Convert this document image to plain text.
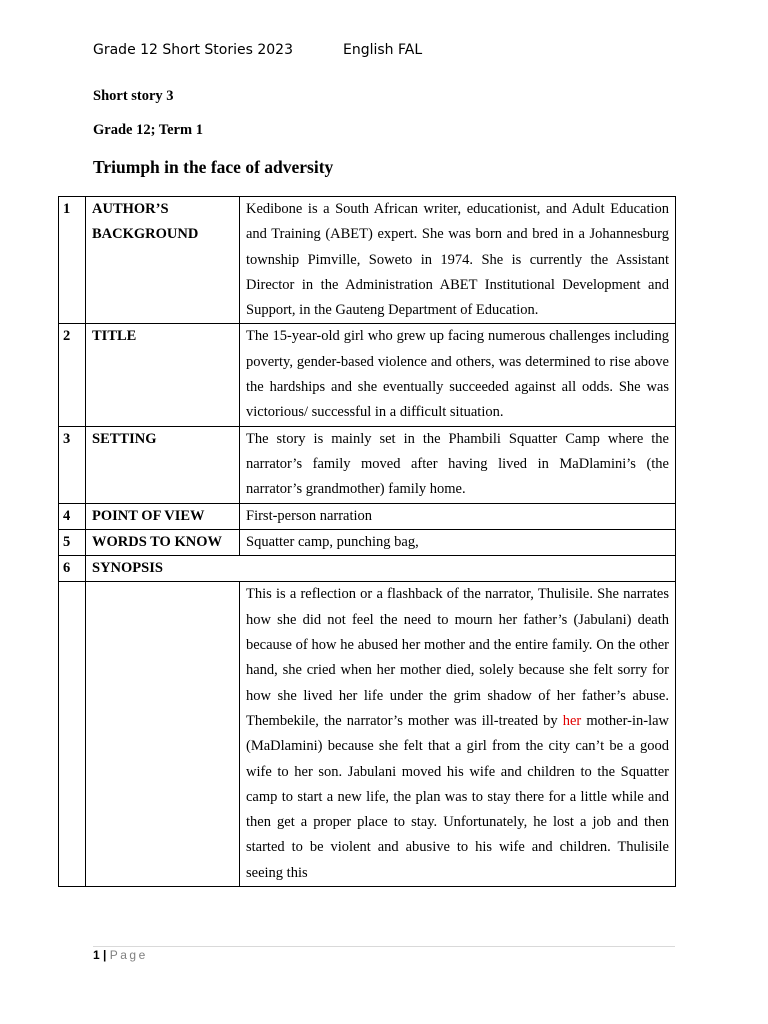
Grade 12 Short Stories 2023	English FAL
Short story 3
Grade 12; Term 1
Triumph in the face of adversity
1	AUTHOR’S BACKGROUND	Kedibone is a South African writer, educationist, and Adult Education and Training (ABET) expert. She was born and bred in a Johannesburg township Pimville, Soweto in 1974. She is currently the Assistant Director in the Administration ABET Institutional Development and Support, in the Gauteng Department of Education.
2	TITLE	The 15-year-old girl who grew up facing numerous challenges including poverty, gender-based violence and others, was determined to rise above the hardships and she eventually succeeded against all odds. She was victorious/ successful in a difficult situation.
3	SETTING	The story is mainly set in the Phambili Squatter Camp where the narrator’s family moved after having lived in MaDlamini’s (the narrator’s grandmother) family home.
4	POINT OF VIEW	First-person narration
5	WORDS TO KNOW	Squatter camp, punching bag,
6	SYNOPSIS	
		This is a reflection or a flashback of the narrator, Thulisile. She narrates how she did not feel the need to mourn her father’s (Jabulani) death because of how he abused her mother and the entire family. On the other hand, she cried when her mother died, solely because she felt sorry for how she lived her life under the grim shadow of her father’s abuse. Thembekile, the narrator’s mother was ill-treated by her mother-in-law (MaDlamini) because she felt that a girl from the city can’t be a good wife to her son. Jabulani moved his wife and children to the Squatter camp to start a new life, the plan was to stay there for a little while and then get a proper place to stay. Unfortunately, he lost a job and then started to be violent and abusive to his wife and children. Thulisile seeing this
1 | Page
